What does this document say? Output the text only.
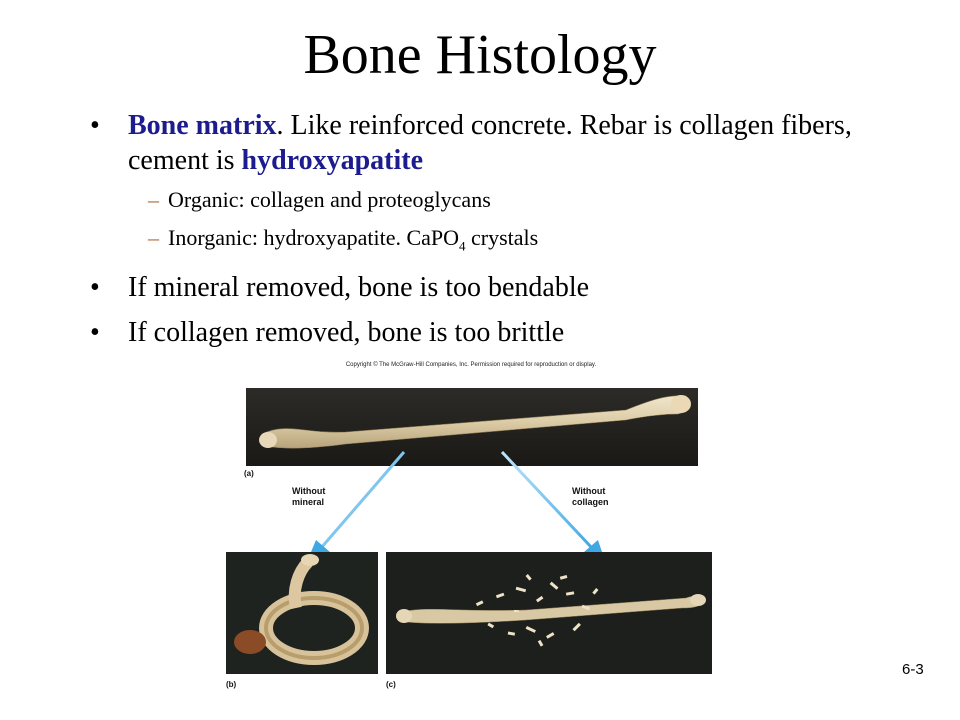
Bone Histology
• Bone matrix. Like reinforced concrete. Rebar is collagen fibers, cement is hydroxyapatite
– Organic: collagen and proteoglycans
– Inorganic: hydroxyapatite. CaPO$_4$ crystals
• If mineral removed, bone is too bendable
• If collagen removed, bone is too brittle
Copyright © The McGraw-Hill Companies, Inc. Permission required for reproduction or display.
(a)
(b)	(c)
Without
mineral
Without
collagen
6-3
